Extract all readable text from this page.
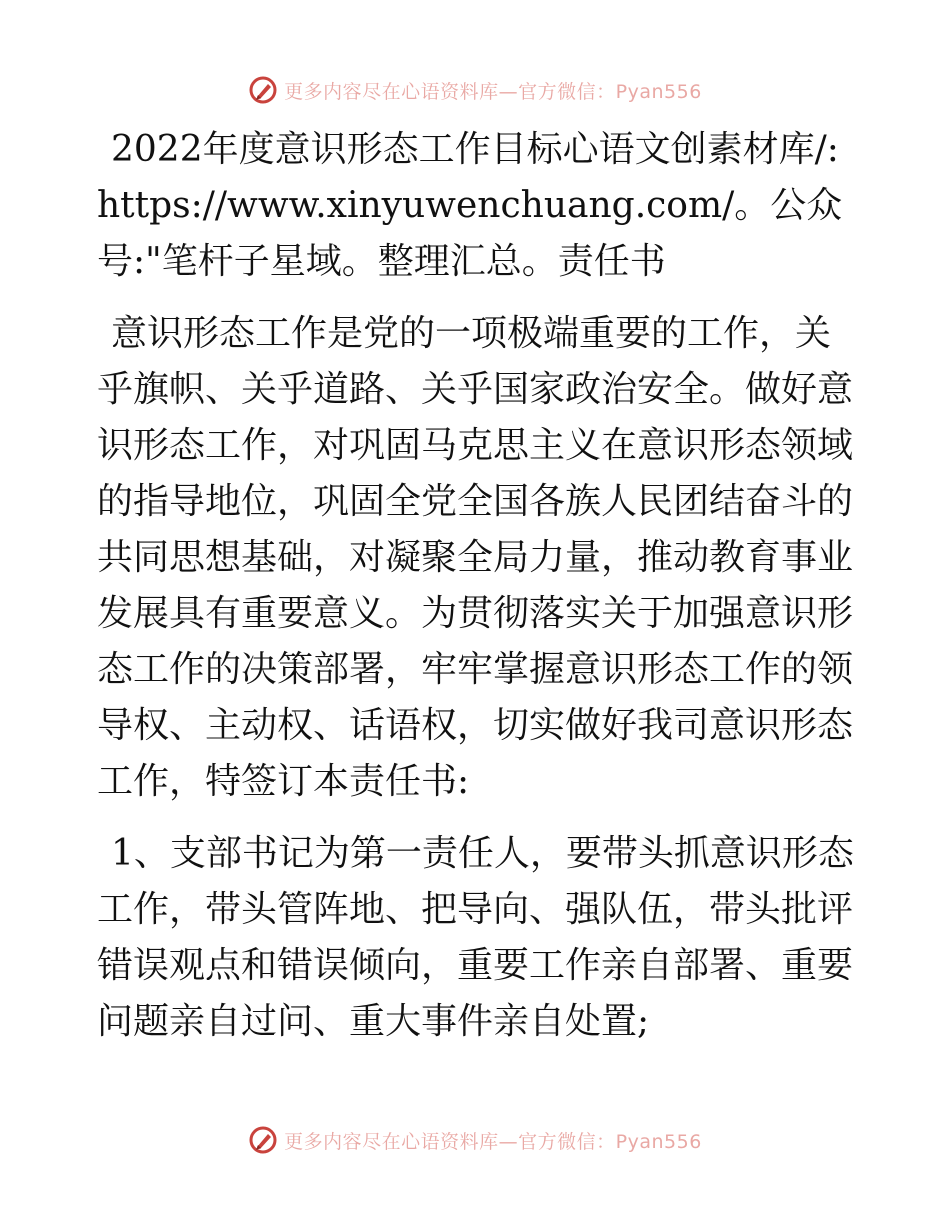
更多内容尽在心语资料库—官方微信：Pyan556

2022年度意识形态工作目标心语文创素材库/:https://www.xinyuwenchuang.com/。公众号:"笔杆子星域。整理汇总。责任书

意识形态工作是党的一项极端重要的工作，关乎旗帜、关乎道路、关乎国家政治安全。做好意识形态工作，对巩固马克思主义在意识形态领域的指导地位，巩固全党全国各族人民团结奋斗的共同思想基础，对凝聚全局力量，推动教育事业发展具有重要意义。为贯彻落实关于加强意识形态工作的决策部署，牢牢掌握意识形态工作的领导权、主动权、话语权，切实做好我司意识形态工作，特签订本责任书:

1、支部书记为第一责任人，要带头抓意识形态工作，带头管阵地、把导向、强队伍，带头批评错误观点和错误倾向，重要工作亲自部署、重要问题亲自过问、重大事件亲自处置;

更多内容尽在心语资料库—官方微信：Pyan556
